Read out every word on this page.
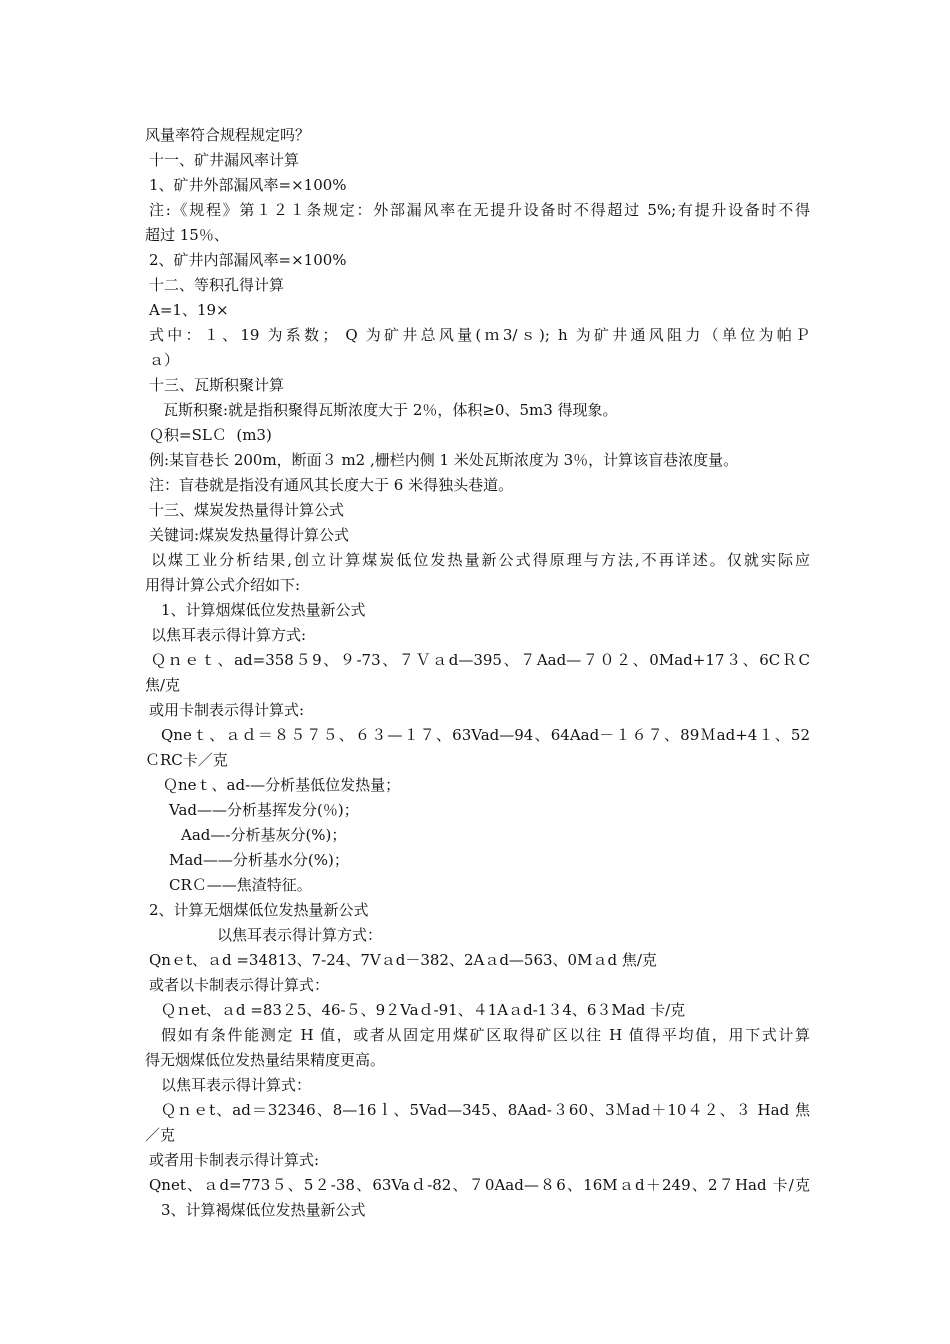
风量率符合规程规定吗？
十一、矿井漏风率计算
1、矿井外部漏风率=×100%
注:《规程》第１２１条规定：外部漏风率在无提升设备时不得超过 5%;有提升设备时不得
超过 15％、
2、矿井内部漏风率=×100%
十二、等积孔得计算
A=1、19×
式中：１、19 为系数； Q 为矿井总风量(ｍ3/ｓ); h 为矿井通风阻力（单位为帕Ｐ
ａ）
十三、瓦斯积聚计算
瓦斯积聚:就是指积聚得瓦斯浓度大于 2％，体积≥0、5m3 得现象。
Ｑ积=SLＣ  (m3)
例:某盲巷长 200m，断面３ m2 ,栅栏内侧 1 米处瓦斯浓度为 3％，计算该盲巷浓度量。
注：盲巷就是指没有通风其长度大于 6 米得独头巷道。
十三、煤炭发热量得计算公式
关键词:煤炭发热量得计算公式
以煤工业分析结果,创立计算煤炭低位发热量新公式得原理与方法,不再详述。仅就实际应
用得计算公式介绍如下:
1、计算烟煤低位发热量新公式
以焦耳表示得计算方式:
Ｑｎｅｔ、ad=358５9、９-73、７Ｖａd—395、７Aad—７０２、0Mad+17３、6CＲC
焦/克
或用卡制表示得计算式:
Qneｔ、ａｄ＝８５７５、６３—１７、63Vad—94、64Aad－１６７、89Ｍad+4１、52
ＣRC卡／克
Ｑneｔ、ad-—分析基低位发热量；
Vad——分析基挥发分(％)；
Aad—-分析基灰分(%)；
Mad——分析基水分(%)；
CRＣ——焦渣特征。
2、计算无烟煤低位发热量新公式
以焦耳表示得计算方式：
Qnｅt、ａd =34813、7-24、7Vａd－382、2Aａd—563、0Mａd 焦/克
或者以卡制表示得计算式：
Ｑｎet、ａd =83２5、46-５、9２Vaｄ-91、４1Aａd-1３4、6３Mad 卡/克
假如有条件能测定 H 值，或者从固定用煤矿区取得矿区以往 H 值得平均值，用下式计算
得无烟煤低位发热量结果精度更高。
以焦耳表示得计算式：
Ｑｎｅt、ad＝32346、8—16ｌ、5Vad—345、8Aad-３60、3Ｍad＋10４２、３ Had 焦
／克
或者用卡制表示得计算式:
Qnet、ａd=773５、5２-38、63Vaｄ-82、７0Aad—８6、16Mａd＋249、2７Had 卡/克
3、计算褐煤低位发热量新公式
